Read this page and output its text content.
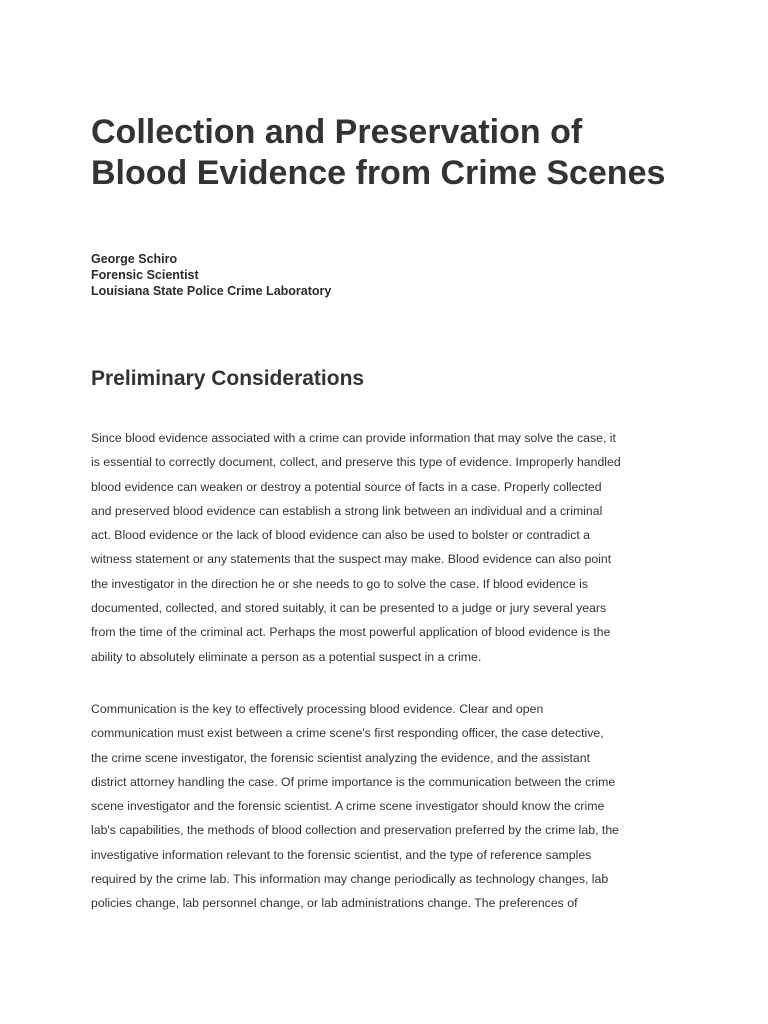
Collection and Preservation of
Blood Evidence from Crime Scenes
George Schiro
Forensic Scientist
Louisiana State Police Crime Laboratory
Preliminary Considerations

Since blood evidence associated with a crime can provide information that may solve the case, it
is essential to correctly document, collect, and preserve this type of evidence. Improperly handled
blood evidence can weaken or destroy a potential source of facts in a case. Properly collected
and preserved blood evidence can establish a strong link between an individual and a criminal
act. Blood evidence or the lack of blood evidence can also be used to bolster or contradict a
witness statement or any statements that the suspect may make. Blood evidence can also point
the investigator in the direction he or she needs to go to solve the case. If blood evidence is
documented, collected, and stored suitably, it can be presented to a judge or jury several years
from the time of the criminal act. Perhaps the most powerful application of blood evidence is the
ability to absolutely eliminate a person as a potential suspect in a crime.

Communication is the key to effectively processing blood evidence. Clear and open
communication must exist between a crime scene's first responding officer, the case detective,
the crime scene investigator, the forensic scientist analyzing the evidence, and the assistant
district attorney handling the case. Of prime importance is the communication between the crime
scene investigator and the forensic scientist. A crime scene investigator should know the crime
lab's capabilities, the methods of blood collection and preservation preferred by the crime lab, the
investigative information relevant to the forensic scientist, and the type of reference samples
required by the crime lab. This information may change periodically as technology changes, lab
policies change, lab personnel change, or lab administrations change. The preferences of
